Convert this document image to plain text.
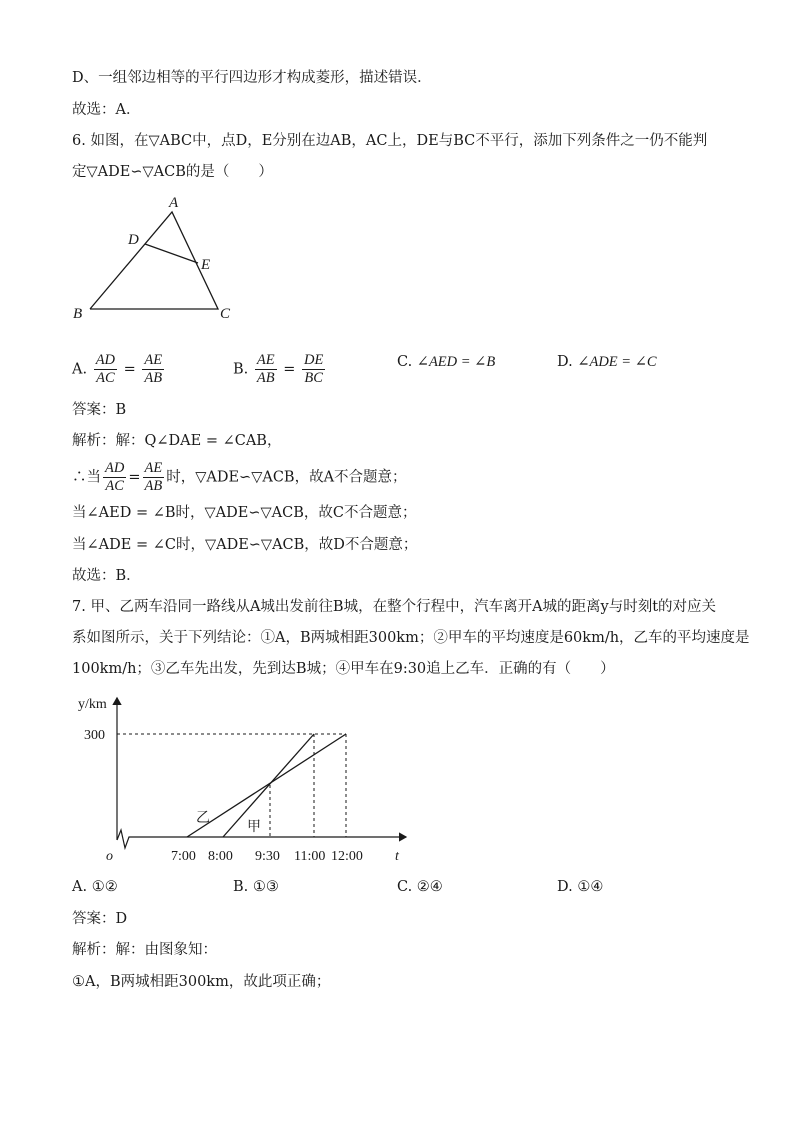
D、一组邻边相等的平行四边形才构成菱形，描述错误．
故选：A．
6. 如图，在▽ABC中，点D，E分别在边AB，AC上，DE与BC不平行，添加下列条件之一仍不能判
定▽ADE∽▽ACB的是（　　）
A
D
E
B	C
A. $\frac{AD}{AC} = \frac{AE}{AB}$	B. $\frac{AE}{AB} = \frac{DE}{BC}$	C. ∠AED = ∠B	D. ∠ADE = ∠C
答案：B
解析：解：Q∠DAE = ∠CAB，
∴当 $\frac{AD}{AC} = \frac{AE}{AB}$ 时，▽ADE∽▽ACB，故A不合题意；
当∠AED = ∠B时，▽ADE∽▽ACB，故C不合题意；
当∠ADE = ∠C时，▽ADE∽▽ACB，故D不合题意；
故选：B．
7. 甲、乙两车沿同一路线从A城出发前往B城，在整个行程中，汽车离开A城的距离y与时刻t的对应关
系如图所示，关于下列结论：①A，B两城相距300km；②甲车的平均速度是60km/h，乙车的平均速度是
100km/h；③乙车先出发，先到达B城；④甲车在9:30追上乙车．正确的有（　　）
y/km
300
o	t
7:00 8:00 9:30 11:00 12:00
乙
甲
A. ①②	B. ①③	C. ②④	D. ①④
答案：D
解析：解：由图象知：
①A，B两城相距300km，故此项正确；
